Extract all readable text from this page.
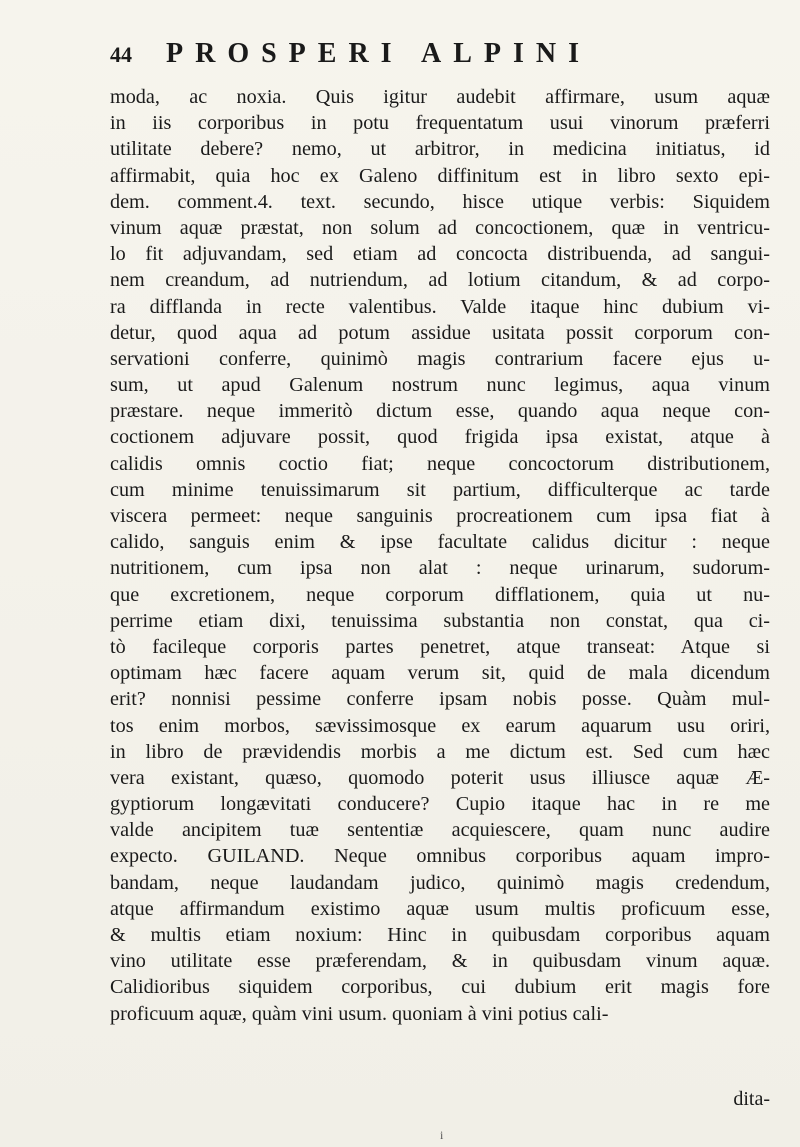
44 PROSPERI ALPINI
moda, ac noxia. Quis igitur audebit affirmare, usum aquæ
in iis corporibus in potu frequentatum usui vinorum præferri
utilitate debere? nemo, ut arbitror, in medicina initiatus, id
affirmabit, quia hoc ex Galeno diffinitum est in libro sexto epi-
dem. comment.4. text. secundo, hisce utique verbis: Siquidem
vinum aquæ præstat, non solum ad concoctionem, quæ in ventricu-
lo fit adjuvandam, sed etiam ad concocta distribuenda, ad sangui-
nem creandum, ad nutriendum, ad lotium citandum, & ad corpo-
ra difflanda in recte valentibus. Valde itaque hinc dubium vi-
detur, quod aqua ad potum assidue usitata possit corporum con-
servationi conferre, quinimò magis contrarium facere ejus u-
sum, ut apud Galenum nostrum nunc legimus, aqua vinum
præstare. neque immeritò dictum esse, quando aqua neque con-
coctionem adjuvare possit, quod frigida ipsa existat, atque à
calidis omnis coctio fiat; neque concoctorum distributionem,
cum minime tenuissimarum sit partium, difficulterque ac tarde
viscera permeet: neque sanguinis procreationem cum ipsa fiat à
calido, sanguis enim & ipse facultate calidus dicitur : neque
nutritionem, cum ipsa non alat : neque urinarum, sudorum-
que excretionem, neque corporum difflationem, quia ut nu-
perrime etiam dixi, tenuissima substantia non constat, qua ci-
tò facileque corporis partes penetret, atque transeat: Atque si
optimam hæc facere aquam verum sit, quid de mala dicendum
erit? nonnisi pessime conferre ipsam nobis posse. Quàm mul-
tos enim morbos, sævissimosque ex earum aquarum usu oriri,
in libro de prævidendis morbis a me dictum est. Sed cum hæc
vera existant, quæso, quomodo poterit usus illiusce aquæ Æ-
gyptiorum longævitati conducere? Cupio itaque hac in re me
valde ancipitem tuæ sententiæ acquiescere, quam nunc audire
expecto. GUILAND. Neque omnibus corporibus aquam impro-
bandam, neque laudandam judico, quinimò magis credendum,
atque affirmandum existimo aquæ usum multis proficuum esse,
& multis etiam noxium: Hinc in quibusdam corporibus aquam
vino utilitate esse præferendam, & in quibusdam vinum aquæ.
Calidioribus siquidem corporibus, cui dubium erit magis fore
proficuum aquæ, quàm vini usum. quoniam à vini potius cali-
dita-
i
